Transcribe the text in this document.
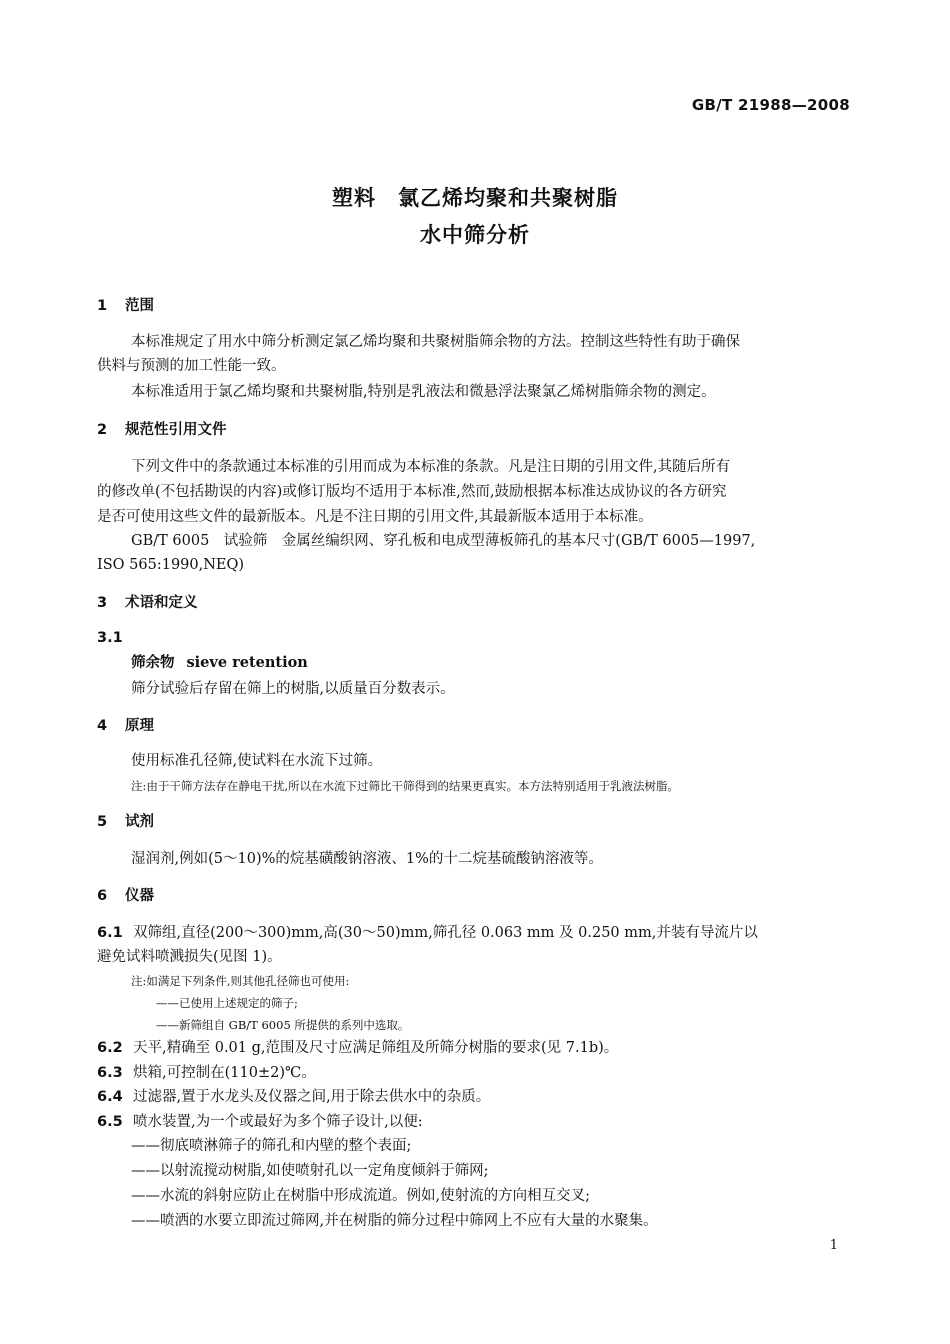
GB/T 21988—2008
塑料　氯乙烯均聚和共聚树脂
水中筛分析
1 范围
本标准规定了用水中筛分析测定氯乙烯均聚和共聚树脂筛余物的方法。控制这些特性有助于确保
供料与预测的加工性能一致。
本标准适用于氯乙烯均聚和共聚树脂,特别是乳液法和微悬浮法聚氯乙烯树脂筛余物的测定。
2 规范性引用文件
下列文件中的条款通过本标准的引用而成为本标准的条款。凡是注日期的引用文件,其随后所有
的修改单(不包括勘误的内容)或修订版均不适用于本标准,然而,鼓励根据本标准达成协议的各方研究
是否可使用这些文件的最新版本。凡是不注日期的引用文件,其最新版本适用于本标准。
GB/T 6005　试验筛　金属丝编织网、穿孔板和电成型薄板筛孔的基本尺寸(GB/T 6005—1997,
ISO 565:1990,NEQ)
3 术语和定义
3.1
筛余物 sieve retention
筛分试验后存留在筛上的树脂,以质量百分数表示。
4 原理
使用标准孔径筛,使试料在水流下过筛。
注:由于干筛方法存在静电干扰,所以在水流下过筛比干筛得到的结果更真实。本方法特别适用于乳液法树脂。
5 试剂
湿润剂,例如(5～10)%的烷基磺酸钠溶液、1%的十二烷基硫酸钠溶液等。
6 仪器
6.1 双筛组,直径(200～300)mm,高(30～50)mm,筛孔径 0.063 mm 及 0.250 mm,并装有导流片以
避免试料喷溅损失(见图 1)。
注:如满足下列条件,则其他孔径筛也可使用:
——已使用上述规定的筛子;
——新筛组自 GB/T 6005 所提供的系列中选取。
6.2 天平,精确至 0.01 g,范围及尺寸应满足筛组及所筛分树脂的要求(见 7.1b)。
6.3 烘箱,可控制在(110±2)℃。
6.4 过滤器,置于水龙头及仪器之间,用于除去供水中的杂质。
6.5 喷水装置,为一个或最好为多个筛子设计,以便:
——彻底喷淋筛子的筛孔和内壁的整个表面;
——以射流搅动树脂,如使喷射孔以一定角度倾斜于筛网;
——水流的斜射应防止在树脂中形成流道。例如,使射流的方向相互交叉;
——喷洒的水要立即流过筛网,并在树脂的筛分过程中筛网上不应有大量的水聚集。
1
